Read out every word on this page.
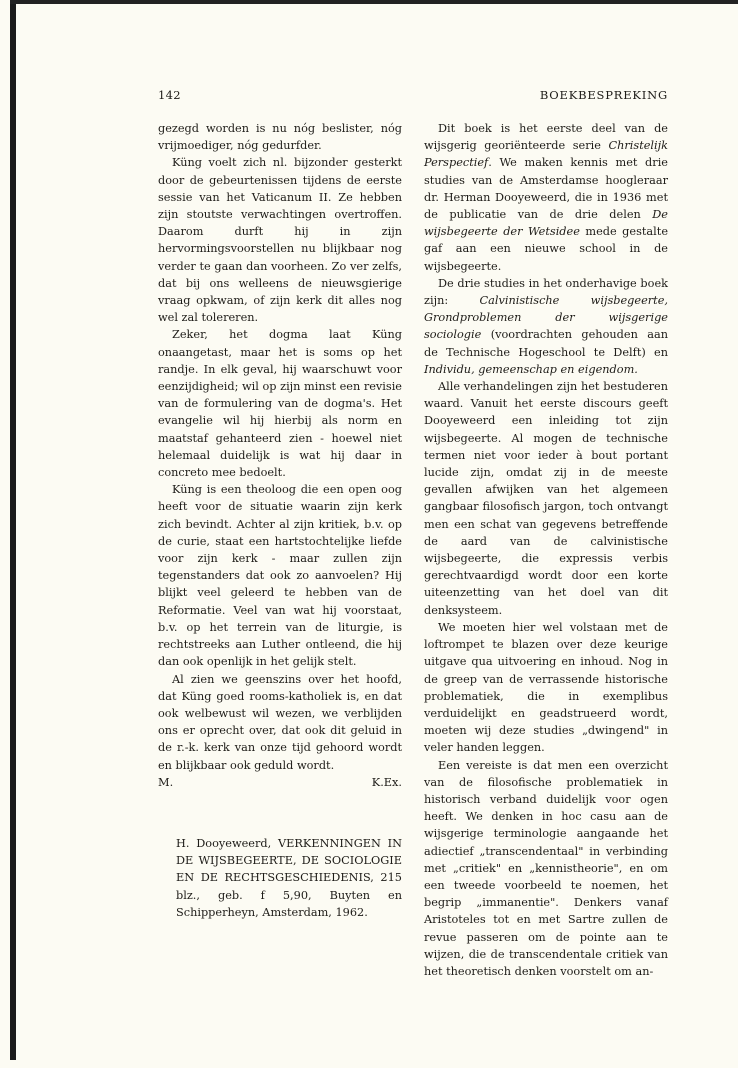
142	BOEKBESPREKING

gezegd worden is nu nóg beslister, nóg vrijmoediger, nóg gedurfder.

Küng voelt zich nl. bijzonder gesterkt door de gebeurtenissen tijdens de eerste sessie van het Vaticanum II. Ze hebben zijn stoutste verwachtingen overtroffen. Daarom durft hij in zijn hervormingsvoorstellen nu blijkbaar nog verder te gaan dan voorheen. Zo ver zelfs, dat bij ons welleens de nieuwsgierige vraag opkwam, of zijn kerk dit alles nog wel zal tolereren.

Zeker, het dogma laat Küng onaangetast, maar het is soms op het randje. In elk geval, hij waarschuwt voor eenzijdigheid; wil op zijn minst een revisie van de formulering van de dogma's. Het evangelie wil hij hierbij als norm en maatstaf gehanteerd zien - hoewel niet helemaal duidelijk is wat hij daar in concreto mee bedoelt.

Küng is een theoloog die een open oog heeft voor de situatie waarin zijn kerk zich bevindt. Achter al zijn kritiek, b.v. op de curie, staat een hartstochtelijke liefde voor zijn kerk - maar zullen zijn tegenstanders dat ook zo aanvoelen? Hij blijkt veel geleerd te hebben van de Reformatie. Veel van wat hij voorstaat, b.v. op het terrein van de liturgie, is rechtstreeks aan Luther ontleend, die hij dan ook openlijk in het gelijk stelt.

Al zien we geenszins over het hoofd, dat Küng goed rooms-katholiek is, en dat ook welbewust wil wezen, we verblijden ons er oprecht over, dat ook dit geluid in de r.-k. kerk van onze tijd gehoord wordt en blijkbaar ook geduld wordt.

M.	K.Ex.
H. Dooyeweerd, VERKENNINGEN IN DE WIJSBEGEERTE, DE SOCIOLOGIE EN DE RECHTSGESCHIEDENIS, 215 blz., geb. f 5,90, Buyten en Schipperheyn, Amsterdam, 1962.

Dit boek is het eerste deel van de wijsgerig georiënteerde serie Christelijk Perspectief. We maken kennis met drie studies van de Amsterdamse hoogleraar dr. Herman Dooyeweerd, die in 1936 met de publicatie van de drie delen De wijsbegeerte der Wetsidee mede gestalte gaf aan een nieuwe school in de wijsbegeerte.

De drie studies in het onderhavige boek zijn: Calvinistische wijsbegeerte, Grondproblemen der wijsgerige sociologie (voordrachten gehouden aan de Technische Hogeschool te Delft) en Individu, gemeenschap en eigendom.

Alle verhandelingen zijn het bestuderen waard. Vanuit het eerste discours geeft Dooyeweerd een inleiding tot zijn wijsbegeerte. Al mogen de technische termen niet voor ieder à bout portant lucide zijn, omdat zij in de meeste gevallen afwijken van het algemeen gangbaar filosofisch jargon, toch ontvangt men een schat van gegevens betreffende de aard van de calvinistische wijsbegeerte, die expressis verbis gerechtvaardigd wordt door een korte uiteenzetting van het doel van dit denksysteem.

We moeten hier wel volstaan met de loftrompet te blazen over deze keurige uitgave qua uitvoering en inhoud. Nog in de greep van de verrassende historische problematiek, die in exemplibus verduidelijkt en geadstrueerd wordt, moeten wij deze studies „dwingend" in veler handen leggen.

Een vereiste is dat men een overzicht van de filosofische problematiek in historisch verband duidelijk voor ogen heeft. We denken in hoc casu aan de wijsgerige terminologie aangaande het adiectief „transcendentaal" in verbinding met „critiek" en „kennistheorie", en om een tweede voorbeeld te noemen, het begrip „immanentie". Denkers vanaf Aristoteles tot en met Sartre zullen de revue passeren om de pointe aan te wijzen, die de transcendentale critiek van het theoretisch denken voorstelt om an-
